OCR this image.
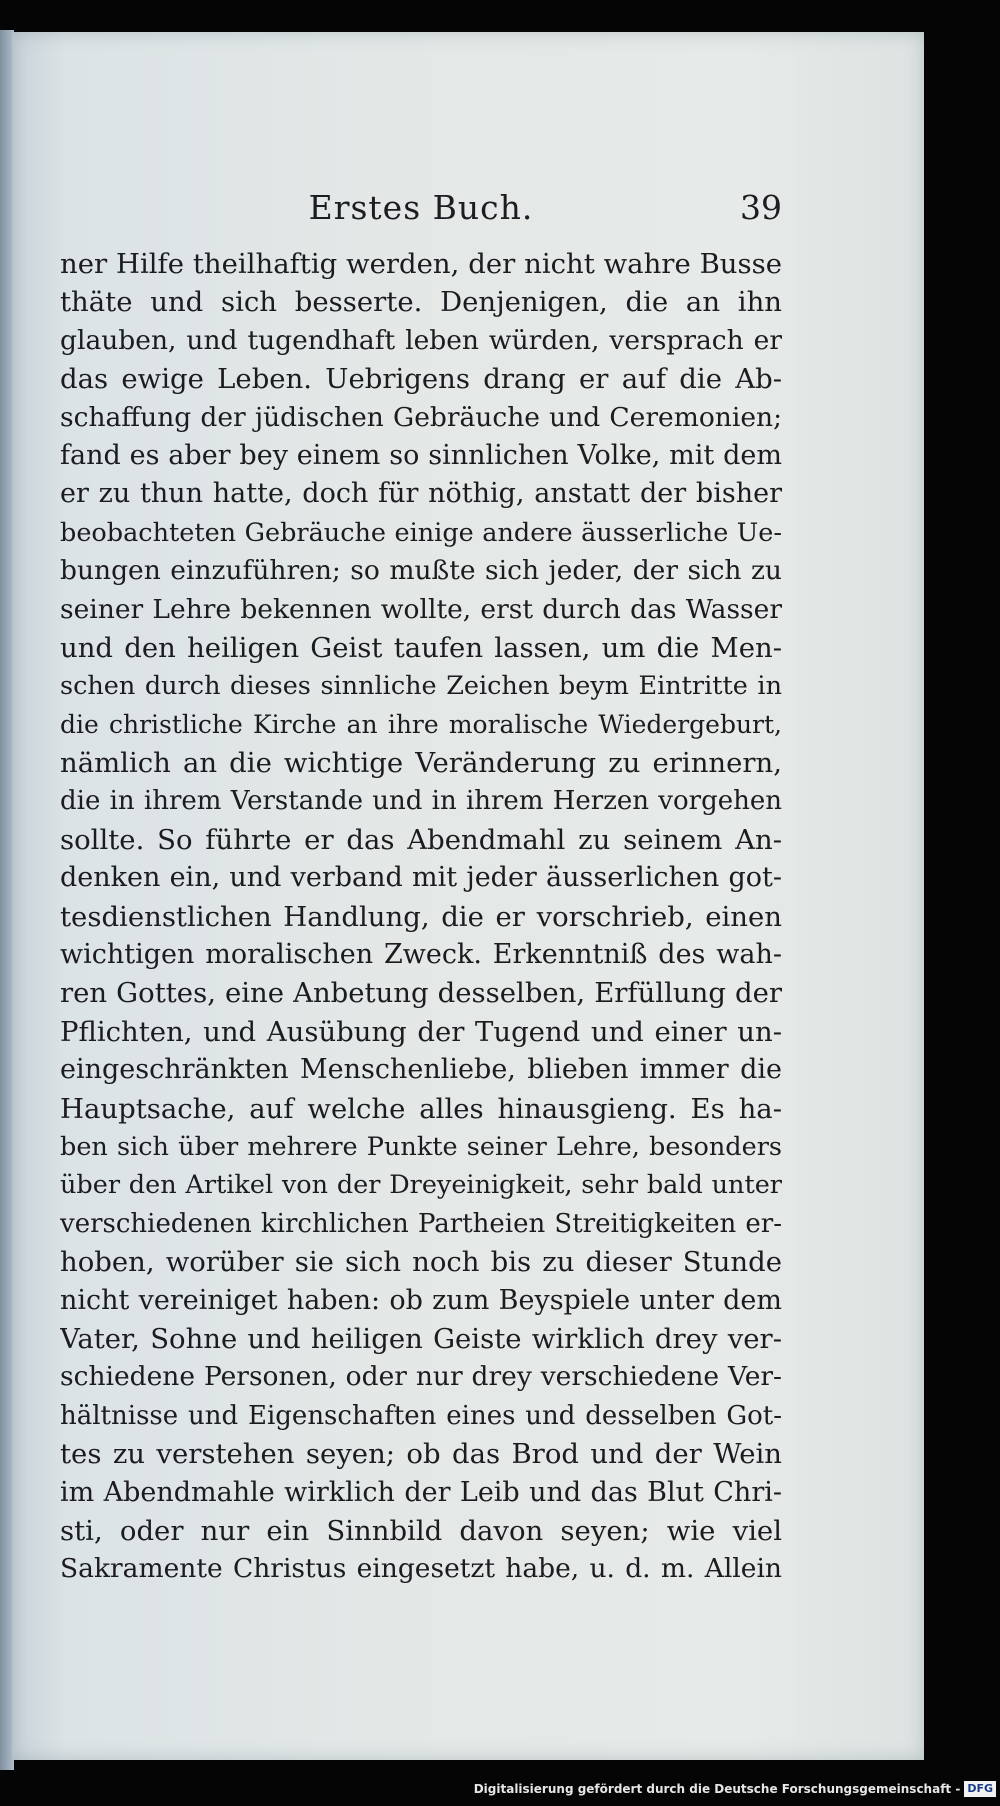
Erstes Buch.	39
ner Hilfe theilhaftig werden, der nicht wahre Busse
thäte und sich besserte. Denjenigen, die an ihn
glauben, und tugendhaft leben würden, versprach er
das ewige Leben. Uebrigens drang er auf die Ab-
schaffung der jüdischen Gebräuche und Ceremonien;
fand es aber bey einem so sinnlichen Volke, mit dem
er zu thun hatte, doch für nöthig, anstatt der bisher
beobachteten Gebräuche einige andere äusserliche Ue-
bungen einzuführen; so mußte sich jeder, der sich zu
seiner Lehre bekennen wollte, erst durch das Wasser
und den heiligen Geist taufen lassen, um die Men-
schen durch dieses sinnliche Zeichen beym Eintritte in
die christliche Kirche an ihre moralische Wiedergeburt,
nämlich an die wichtige Veränderung zu erinnern,
die in ihrem Verstande und in ihrem Herzen vorgehen
sollte. So führte er das Abendmahl zu seinem An-
denken ein, und verband mit jeder äusserlichen got-
tesdienstlichen Handlung, die er vorschrieb, einen
wichtigen moralischen Zweck. Erkenntniß des wah-
ren Gottes, eine Anbetung desselben, Erfüllung der
Pflichten, und Ausübung der Tugend und einer un-
eingeschränkten Menschenliebe, blieben immer die
Hauptsache, auf welche alles hinausgieng. Es ha-
ben sich über mehrere Punkte seiner Lehre, besonders
über den Artikel von der Dreyeinigkeit, sehr bald unter
verschiedenen kirchlichen Partheien Streitigkeiten er-
hoben, worüber sie sich noch bis zu dieser Stunde
nicht vereiniget haben: ob zum Beyspiele unter dem
Vater, Sohne und heiligen Geiste wirklich drey ver-
schiedene Personen, oder nur drey verschiedene Ver-
hältnisse und Eigenschaften eines und desselben Got-
tes zu verstehen seyen; ob das Brod und der Wein
im Abendmahle wirklich der Leib und das Blut Chri-
sti, oder nur ein Sinnbild davon seyen; wie viel
Sakramente Christus eingesetzt habe, u. d. m. Allein
Digitalisierung gefördert durch die Deutsche Forschungsgemeinschaft - DFG
